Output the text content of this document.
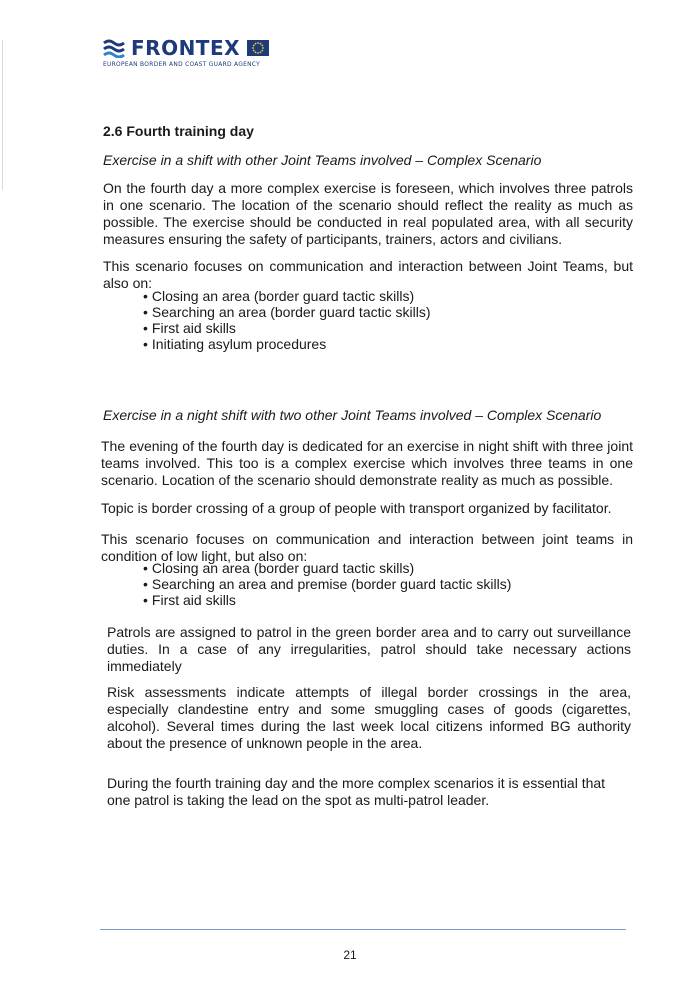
FRONTEX
EUROPEAN BORDER AND COAST GUARD AGENCY
2.6 Fourth training day

Exercise in a shift with other Joint Teams involved – Complex Scenario

On the fourth day a more complex exercise is foreseen, which involves three patrols in one scenario. The location of the scenario should reflect the reality as much as possible. The exercise should be conducted in real populated area, with all security measures ensuring the safety of participants, trainers, actors and civilians.

This scenario focuses on communication and interaction between Joint Teams, but also on:

• Closing an area (border guard tactic skills)
• Searching an area (border guard tactic skills)
• First aid skills
• Initiating asylum procedures

Exercise in a night shift with two other Joint Teams involved – Complex Scenario

The evening of the fourth day is dedicated for an exercise in night shift with three joint teams involved. This too is a complex exercise which involves three teams in one scenario. Location of the scenario should demonstrate reality as much as possible.

Topic is border crossing of a group of people with transport organized by facilitator.

This scenario focuses on communication and interaction between joint teams in condition of low light, but also on:

• Closing an area (border guard tactic skills)
• Searching an area and premise (border guard tactic skills)
• First aid skills

Patrols are assigned to patrol in the green border area and to carry out surveillance duties. In a case of any irregularities, patrol should take necessary actions immediately

Risk assessments indicate attempts of illegal border crossings in the area, especially clandestine entry and some smuggling cases of goods (cigarettes, alcohol). Several times during the last week local citizens informed BG authority about the presence of unknown people in the area.

During the fourth training day and the more complex scenarios it is essential that one patrol is taking the lead on the spot as multi-patrol leader.

21
